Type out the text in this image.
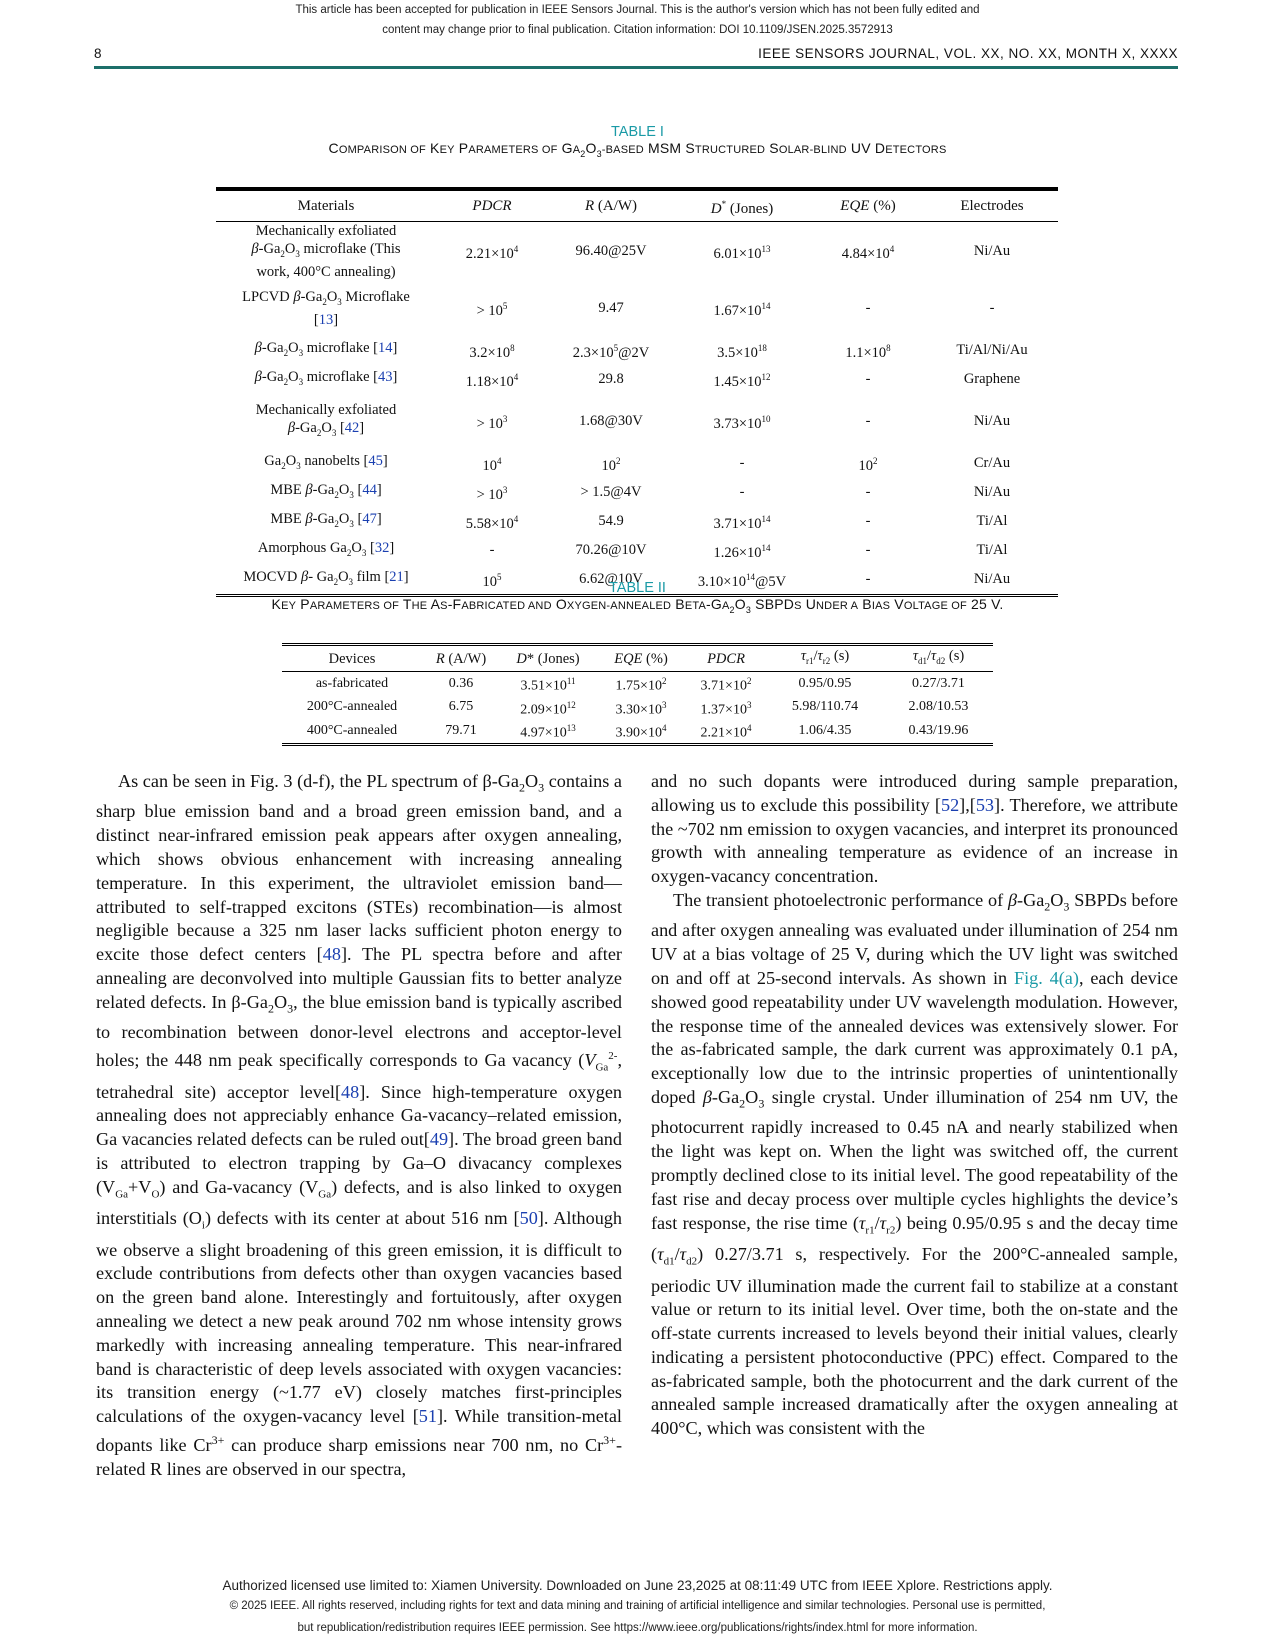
This article has been accepted for publication in IEEE Sensors Journal. This is the author's version which has not been fully edited and
content may change prior to final publication. Citation information: DOI 10.1109/JSEN.2025.3572913
8	IEEE SENSORS JOURNAL, VOL. XX, NO. XX, MONTH X, XXXX
TABLE I
COMPARISON OF KEY PARAMETERS OF $GA_2O_3$-BASED MSM STRUCTURED SOLAR-BLIND UV DETECTORS
Materials	PDCR	R (A/W)	D* (Jones)	EQE (%)	Electrodes
Mechanically exfoliated
$\beta-Ga_2O_3$ microflake (This
work, 400°C annealing)	$2.21\times 10^4$	96.40@25V	$6.01\times 10^{13}$	$4.84\times 10^4$	Ni/Au
LPCVD $\beta-Ga_2O_3$ Microflake
[13]	> $10^5$	9.47	$1.67\times 10^{14}$	-	-
$\beta-Ga_2O_3$ microflake [14]	$3.2\times 10^8$	$2.3\times 10^5@2V$	$3.5\times 10^{18}$	$1.1\times 10^8$	Ti/Al/Ni/Au
$\beta-Ga_2O_3$ microflake [43]	$1.18\times 10^4$	29.8	$1.45\times 10^{12}$	-	Graphene
Mechanically exfoliated
$\beta-Ga_2O_3$ [42]	> $10^3$	1.68@30V	$3.73\times 10^{10}$	-	Ni/Au
$Ga_2O_3$ nanobelts [45]	$10^4$	$10^2$	-	$10^2$	Cr/Au
MBE $\beta-Ga_2O_3$ [44]	> $10^3$	> 1.5@4V	-	-	Ni/Au
MBE $\beta-Ga_2O_3$ [47]	$5.58\times 10^4$	54.9	$3.71\times 10^{14}$	-	Ti/Al
Amorphous $Ga_2O_3$ [32]	-	70.26@10V	$1.26\times 10^{14}$	-	Ti/Al
MOCVD β- $Ga_2O_3$ film [21]	$10^5$	6.62@10V	$3.10\times 10^{14}@5V$	-	Ni/Au
TABLE II
KEY PARAMETERS OF THE AS-FABRICATED AND OXYGEN-ANNEALED BETA-$GA_2O_3$ SBPDS UNDER A BIAS VOLTAGE OF 25 V.
Devices	R (A/W)	D* (Jones)	EQE (%)	PDCR	$\tau_{r1}/\tau_{r2}$ (s)	$\tau_{d1}/\tau_{d2}$ (s)
as-fabricated	0.36	$3.51\times 10^{11}$	$1.75\times 10^2$	$3.71\times 10^2$	0.95/0.95	0.27/3.71
200°C-annealed	6.75	$2.09\times 10^{12}$	$3.30\times 10^3$	$1.37\times 10^3$	5.98/110.74	2.08/10.53
400°C-annealed	79.71	$4.97\times 10^{13}$	$3.90\times 10^4$	$2.21\times 10^4$	1.06/4.35	0.43/19.96

As can be seen in Fig. 3 (d-f), the PL spectrum of $\beta-Ga_2O_3$ contains a sharp blue emission band and a broad green emission band, and a distinct near-infrared emission peak appears after oxygen annealing, which shows obvious enhancement with increasing annealing temperature. In this experiment, the ultraviolet emission band—attributed to self-trapped excitons (STEs) recombination—is almost negligible because a 325 nm laser lacks sufficient photon energy to excite those defect centers [48]. The PL spectra before and after annealing are deconvolved into multiple Gaussian fits to better analyze related defects. In $\beta-Ga_2O_3$, the blue emission band is typically ascribed to recombination between donor-level electrons and acceptor-level holes; the 448 nm peak specifically corresponds to Ga vacancy ($V_{Ga}^{2-}$, tetrahedral site) acceptor level[48]. Since high-temperature oxygen annealing does not appreciably enhance Ga-vacancy–related emission, Ga vacancies related defects can be ruled out[49]. The broad green band is attributed to electron trapping by Ga–O divacancy complexes $(V_{Ga}+V_O)$ and Ga-vacancy $(V_{Ga})$ defects, and is also linked to oxygen interstitials $(O_i)$ defects with its center at about 516 nm [50]. Although we observe a slight broadening of this green emission, it is difficult to exclude contributions from defects other than oxygen vacancies based on the green band alone. Interestingly and fortuitously, after oxygen annealing we detect a new peak around 702 nm whose intensity grows markedly with increasing annealing temperature. This near-infrared band is characteristic of deep levels associated with oxygen vacancies: its transition energy (~1.77 eV) closely matches first-principles calculations of the oxygen-vacancy level [51]. While transition-metal dopants like $Cr^{3+}$ can produce sharp emissions near 700 nm, no $Cr^{3+}$-related R lines are observed in our spectra,

and no such dopants were introduced during sample preparation, allowing us to exclude this possibility [52],[53]. Therefore, we attribute the ~702 nm emission to oxygen vacancies, and interpret its pronounced growth with annealing temperature as evidence of an increase in oxygen-vacancy concentration.

The transient photoelectronic performance of $\beta-Ga_2O_3$ SBPDs before and after oxygen annealing was evaluated under illumination of 254 nm UV at a bias voltage of 25 V, during which the UV light was switched on and off at 25-second intervals. As shown in Fig. 4(a), each device showed good repeatability under UV wavelength modulation. However, the response time of the annealed devices was extensively slower. For the as-fabricated sample, the dark current was approximately 0.1 pA, exceptionally low due to the intrinsic properties of unintentionally doped $\beta-Ga_2O_3$ single crystal. Under illumination of 254 nm UV, the photocurrent rapidly increased to 0.45 nA and nearly stabilized when the light was kept on. When the light was switched off, the current promptly declined close to its initial level. The good repeatability of the fast rise and decay process over multiple cycles highlights the device’s fast response, the rise time $(\tau_{r1}/\tau_{r2})$ being 0.95/0.95 s and the decay time $(\tau_{d1}/\tau_{d2})$ 0.27/3.71 s, respectively. For the 200°C-annealed sample, periodic UV illumination made the current fail to stabilize at a constant value or return to its initial level. Over time, both the on-state and the off-state currents increased to levels beyond their initial values, clearly indicating a persistent photoconductive (PPC) effect. Compared to the as-fabricated sample, both the photocurrent and the dark current of the annealed sample increased dramatically after the oxygen annealing at 400°C, which was consistent with the

Authorized licensed use limited to: Xiamen University. Downloaded on June 23,2025 at 08:11:49 UTC from IEEE Xplore. Restrictions apply.
© 2025 IEEE. All rights reserved, including rights for text and data mining and training of artificial intelligence and similar technologies. Personal use is permitted,
but republication/redistribution requires IEEE permission. See https://www.ieee.org/publications/rights/index.html for more information.
